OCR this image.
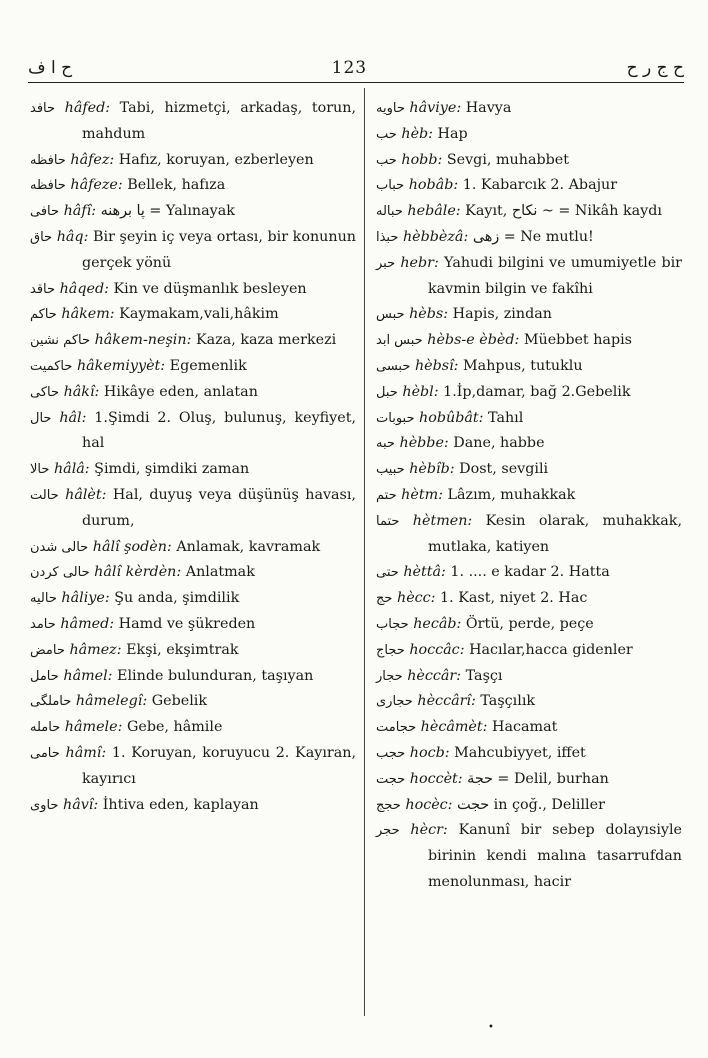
ح ا ف	123	ح ج ر ح
حافد hâfed: Tabi, hizmetçi, arkadaş, torun, mahdum
حافظه hâfez: Hafız, koruyan, ezberleyen
حافظه hâfeze: Bellek, hafıza
حافى hâfî: پا برهنه = Yalınayak
حاق hâq: Bir şeyin iç veya ortası, bir konunun gerçek yönü
حاقد hâqed: Kin ve düşmanlık besleyen
حاكم hâkem: Kaymakam,vali,hâkim
حاكم نشين hâkem-neşin: Kaza, kaza merkezi
حاكميت hâkemiyyèt: Egemenlik
حاكى hâkî: Hikâye eden, anlatan
حال hâl: 1.Şimdi 2. Oluş, bulunuş, keyfiyet, hal
حالا hâlâ: Şimdi, şimdiki zaman
حالت hâlèt: Hal, duyuş veya düşünüş havası, durum,
حالى شدن hâlî şodèn: Anlamak, kavramak
حالى كردن hâlî kèrdèn: Anlatmak
حاليه hâliye: Şu anda, şimdilik
حامد hâmed: Hamd ve şükreden
حامض hâmez: Ekşi, ekşimtrak
حامل hâmel: Elinde bulunduran, taşıyan
حاملگى hâmelegî: Gebelik
حامله hâmele: Gebe, hâmile
حامى hâmî: 1. Koruyan, koruyucu 2. Kayıran, kayırıcı
حاوى hâvî: İhtiva eden, kaplayan
حاويه hâviye: Havya
حب hèb: Hap
حب hobb: Sevgi, muhabbet
حباب hobâb: 1. Kabarcık 2. Abajur
حباله hebâle: Kayıt, نكاح ~ = Nikâh kaydı
حبذا hèbbèzâ: زهى = Ne mutlu!
حبر hebr: Yahudi bilgini ve umumiyetle bir kavmin bilgin ve fakîhi
حبس hèbs: Hapis, zindan
حبس ابد hèbs-e èbèd: Müebbet hapis
حبسى hèbsî: Mahpus, tutuklu
حبل hèbl: 1.İp,damar, bağ 2.Gebelik
حبوبات hobûbât: Tahıl
حبه hèbbe: Dane, habbe
حبيب hèbîb: Dost, sevgili
حتم hètm: Lâzım, muhakkak
حتما hètmen: Kesin olarak, muhakkak, mutlaka, katiyen
حتى hèttâ: 1. .... e kadar 2. Hatta
حج hècc: 1. Kast, niyet 2. Hac
حجاب hecâb: Örtü, perde, peçe
حجاج hoccâc: Hacılar,hacca gidenler
حجار hèccâr: Taşçı
حجارى hèccârî: Taşçılık
حجامت hècâmèt: Hacamat
حجب hocb: Mahcubiyyet, iffet
حجت hoccèt: حجة = Delil, burhan
حجج hocèc: حجت in çoğ., Deliller
حجر hècr: Kanunî bir sebep dolayısiyle birinin kendi malına tasarrufdan menolunması, hacir
•
